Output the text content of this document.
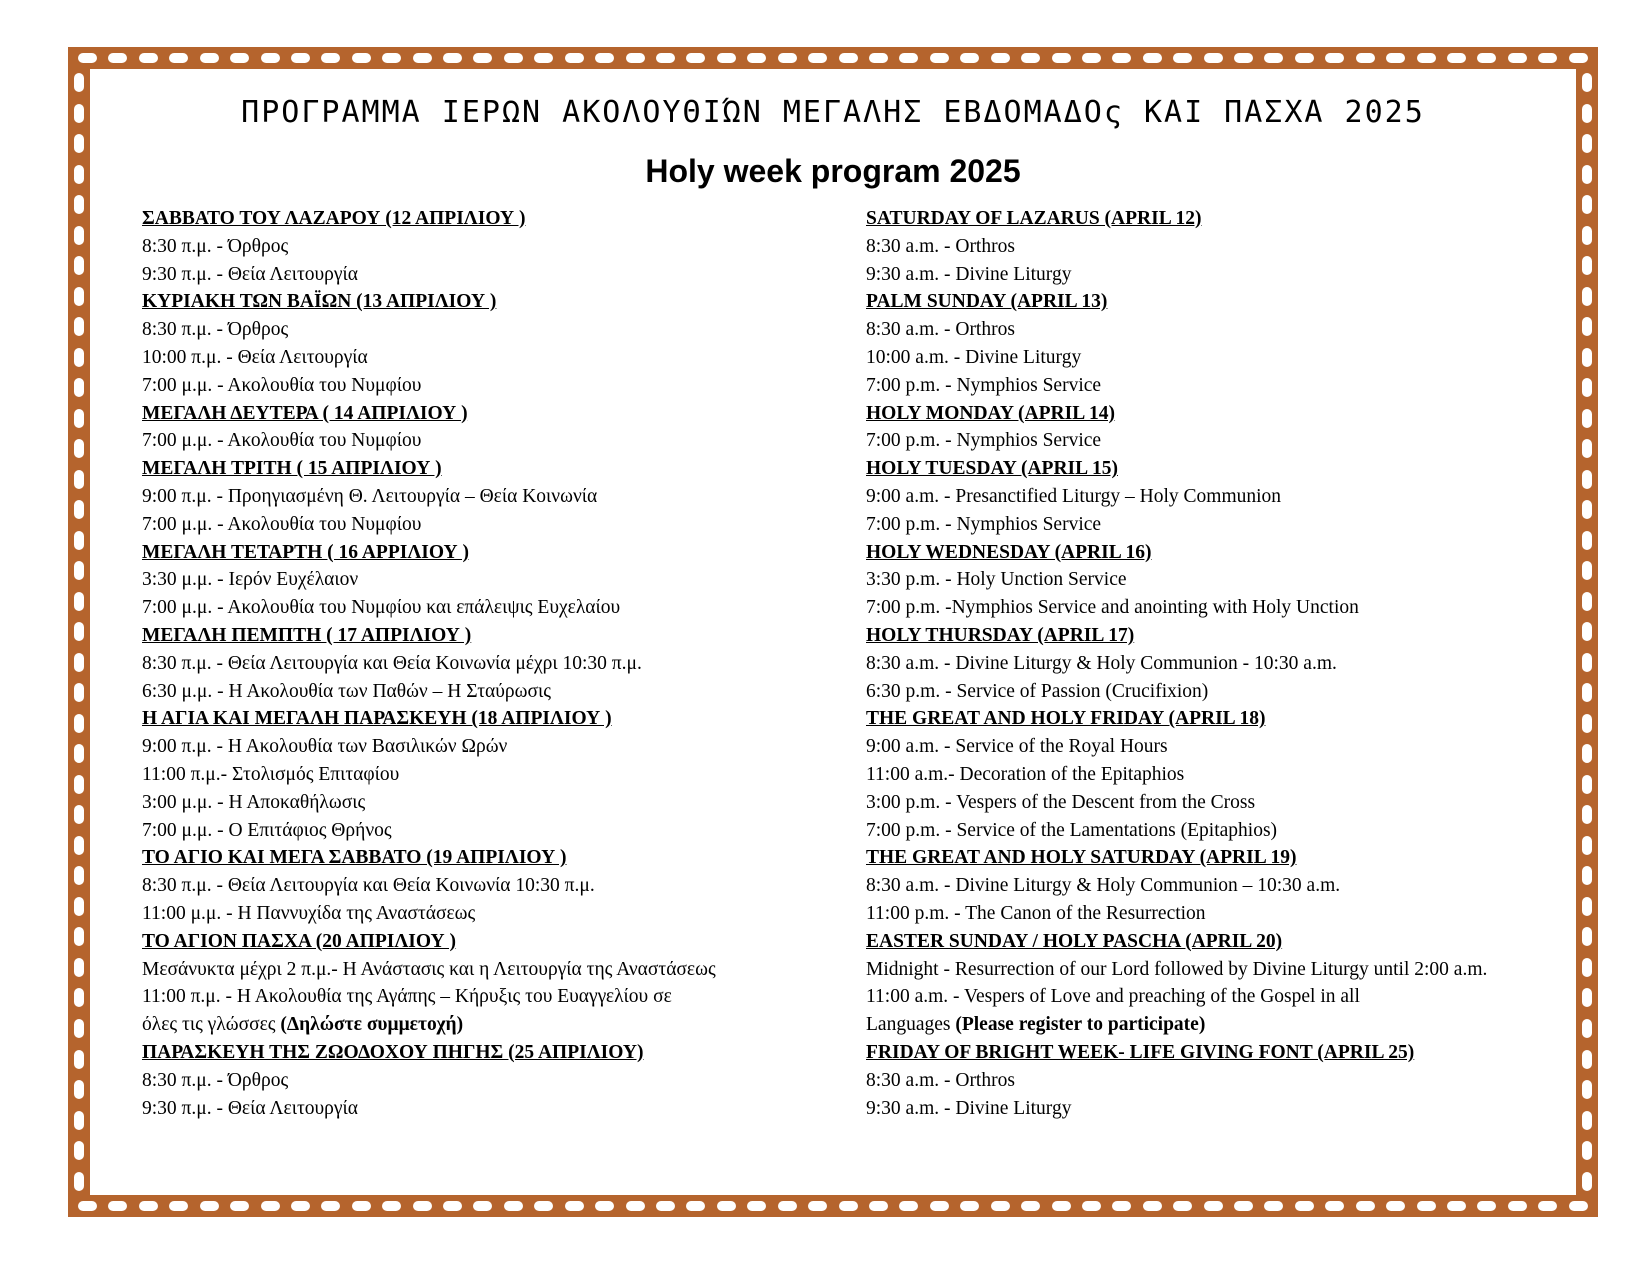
ΠΡΟΓΡΑΜΜΑ ΙΕΡΩΝ ΑΚΟΛΟΥΘΙΏΝ ΜΕΓΑΛΗΣ ΕΒΔΟΜΑΔΟς ΚΑΙ ΠΑΣΧΑ 2025
Holy week program 2025
ΣΑΒΒΑΤΟ ΤΟΥ ΛΑΖΑΡΟΥ (12 ΑΠΡΙΛΙΟΥ )
8:30 π.μ. - Όρθρος
9:30 π.μ. - Θεία Λειτουργία
ΚΥΡΙΑΚΗ ΤΩΝ ΒΑΪΩΝ (13 ΑΠΡΙΛΙΟΥ )
8:30 π.μ. - Όρθρος
10:00 π.μ. - Θεία Λειτουργία
7:00 μ.μ. - Ακολουθία του Νυμφίου
ΜΕΓΑΛΗ ΔΕΥΤΕΡΑ ( 14 ΑΠΡΙΛΙΟΥ )
7:00 μ.μ. - Ακολουθία του Νυμφίου
ΜΕΓΑΛΗ ΤΡΙΤΗ ( 15 ΑΠΡΙΛΙΟΥ )
9:00 π.μ. - Προηγιασμένη Θ. Λειτουργία – Θεία Κοινωνία
7:00 μ.μ. - Ακολουθία του Νυμφίου
ΜΕΓΑΛΗ ΤΕΤΑΡΤΗ ( 16 ΑΡΡΙΛΙΟΥ )
3:30 μ.μ. - Ιερόν Ευχέλαιον
7:00 μ.μ. - Ακολουθία του Νυμφίου και επάλειψις Ευχελαίου
ΜΕΓΑΛΗ ΠΕΜΠΤΗ ( 17 ΑΠΡΙΛΙΟΥ )
8:30 π.μ. - Θεία Λειτουργία και Θεία Κοινωνία μέχρι 10:30 π.μ.
6:30 μ.μ. - Η Ακολουθία των Παθών – Η Σταύρωσις
Η ΑΓΙΑ ΚΑΙ ΜΕΓΑΛΗ ΠΑΡΑΣΚΕΥΗ (18 ΑΠΡΙΛΙΟΥ )
9:00 π.μ. - Η Ακολουθία των Βασιλικών Ωρών
11:00 π.μ.- Στολισμός Επιταφίου
3:00 μ.μ. - Η Αποκαθήλωσις
7:00 μ.μ. - Ο Επιτάφιος Θρήνος
ΤΟ ΑΓΙΟ ΚΑΙ ΜΕΓΑ ΣΑΒΒΑΤΟ (19 ΑΠΡΙΛΙΟΥ )
8:30 π.μ. - Θεία Λειτουργία και Θεία Κοινωνία 10:30 π.μ.
11:00 μ.μ. - Η Παννυχίδα της Αναστάσεως
ΤΟ ΑΓΙΟΝ ΠΑΣΧΑ (20 ΑΠΡΙΛΙΟΥ )
Μεσάνυκτα μέχρι 2 π.μ.- Η Ανάστασις και η Λειτουργία της Αναστάσεως
11:00 π.μ. - Η Ακολουθία της Αγάπης – Κήρυξις του Ευαγγελίου σε
όλες τις γλώσσες (Δηλώστε συμμετοχή)
ΠΑΡΑΣΚΕΥΗ ΤΗΣ ΖΩΟΔΟΧΟΥ ΠΗΓΗΣ (25 ΑΠΡΙΛΙΟΥ)
8:30 π.μ. - Όρθρος
9:30 π.μ. - Θεία Λειτουργία
SATURDAY OF LAZARUS (APRIL 12)
8:30 a.m. - Orthros
9:30 a.m. - Divine Liturgy
PALM SUNDAY (APRIL 13)
8:30 a.m. - Orthros
10:00 a.m. - Divine Liturgy
7:00 p.m. - Nymphios Service
HOLY MONDAY (APRIL 14)
7:00 p.m. - Nymphios Service
HOLY TUESDAY (APRIL 15)
9:00 a.m. - Presanctified Liturgy – Holy Communion
7:00 p.m. - Nymphios Service
HOLY WEDNESDAY (APRIL 16)
3:30 p.m. - Holy Unction Service
7:00 p.m. -Nymphios Service and anointing with Holy Unction
HOLY THURSDAY (APRIL 17)
8:30 a.m. - Divine Liturgy & Holy Communion - 10:30 a.m.
6:30 p.m. - Service of Passion (Crucifixion)
THE GREAT AND HOLY FRIDAY (APRIL 18)
9:00 a.m. - Service of the Royal Hours
11:00 a.m.- Decoration of the Epitaphios
3:00 p.m. - Vespers of the Descent from the Cross
7:00 p.m. - Service of the Lamentations (Epitaphios)
THE GREAT AND HOLY SATURDAY (APRIL 19)
8:30 a.m. - Divine Liturgy & Holy Communion – 10:30 a.m.
11:00 p.m. - The Canon of the Resurrection
EASTER SUNDAY / HOLY PASCHA (APRIL 20)
Midnight - Resurrection of our Lord followed by Divine Liturgy until 2:00 a.m.
11:00 a.m. - Vespers of Love and preaching of the Gospel in all
Languages (Please register to participate)
FRIDAY OF BRIGHT WEEK- LIFE GIVING FONT (APRIL 25)
8:30 a.m. - Orthros
9:30 a.m. - Divine Liturgy
